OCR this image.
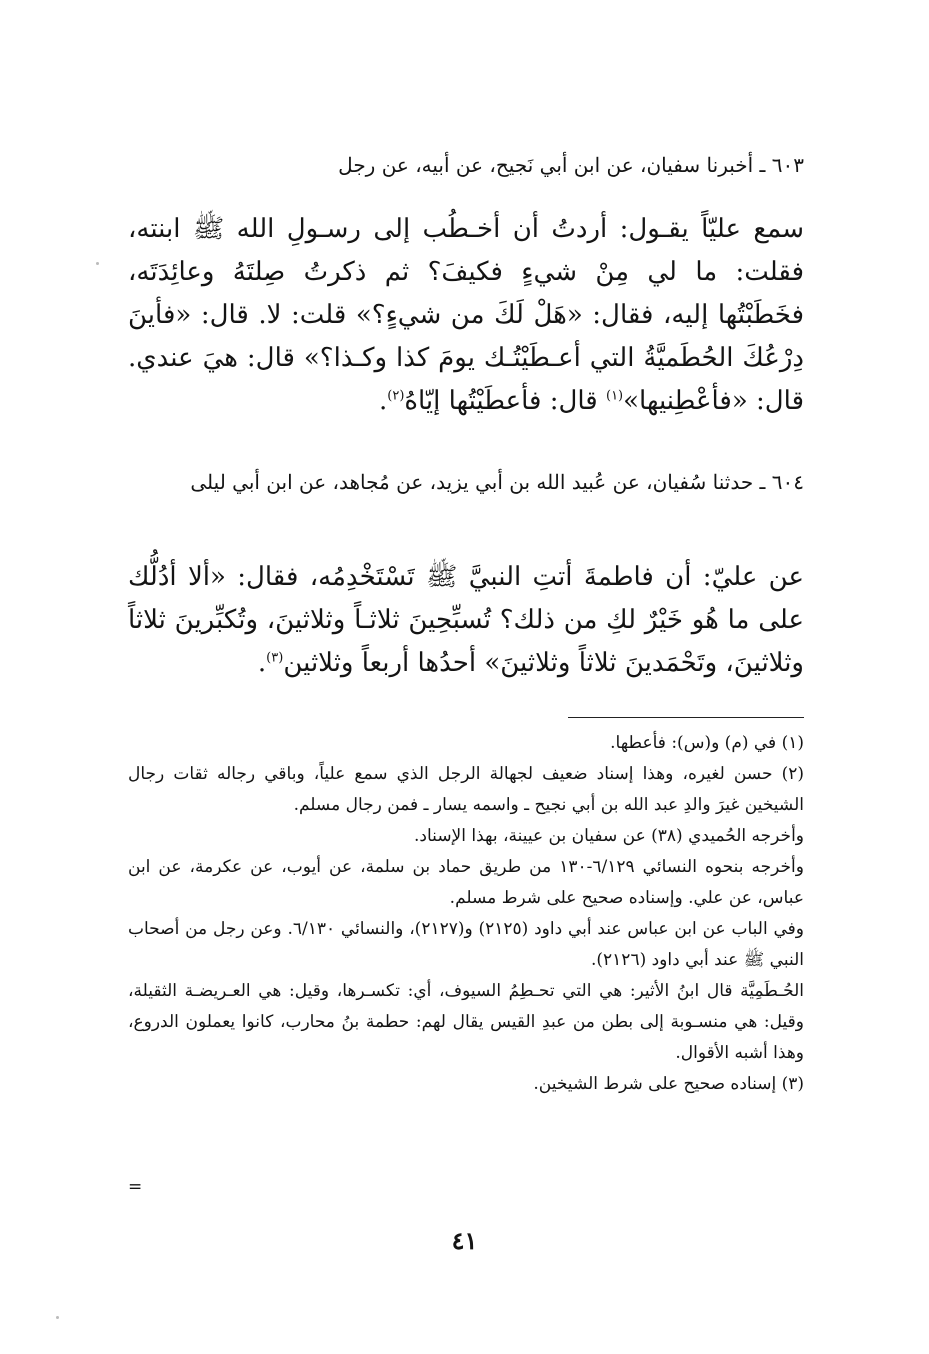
٦٠٣ ـ أخبرنا سفيان، عن ابن أبي نَجيح، عن أبيه، عن رجل
سمع عليّاً يقـول: أردتُ أن أخـطُب إلى رسـولِ الله ﷺ ابنته، فقلت: ما لي مِنْ شيءٍ فكيفَ؟ ثم ذكرتُ صِلتَهُ وعائِدَتَه، فخَطَبْتُها إليه، فقال: «هَلْ لَكَ من شيءٍ؟» قلت: لا. قال: «فأينَ دِرْعُكَ الحُطَميَّةُ التي أعـطَيْتُـك يومَ كذا وكـذا؟» قال: هيَ عندي. قال: «فأعْطِنيها»$^{(١)}$ قال: فأعطَيْتُها إيّاهُ$^{(٢)}$.
٦٠٤ ـ حدثنا سُفيان، عن عُبيد الله بن أبي يزيد، عن مُجاهد، عن ابن أبي ليلى
عن عليّ: أن فاطمةَ أتتِ النبيَّ ﷺ تَسْتَخْدِمُه، فقال: «ألا أدُلُّك على ما هُو خَيْرٌ لكِ من ذلك؟ تُسبِّحِينَ ثلاثـاً وثلاثينَ، وتُكبِّرينَ ثلاثاً وثلاثينَ، وتَحْمَدينَ ثلاثاً وثلاثينَ» أحدُها أربعاً وثلاثين$^{(٣)}$.

(١) في (م) و(س): فأعطها.

(٢) حسن لغيره، وهذا إسناد ضعيف لجهالة الرجل الذي سمع علياً، وباقي رجاله ثقات رجال الشيخين غيرَ والدِ عبد الله بن أبي نجيح ـ واسمه يسار ـ فمن رجال مسلم.

وأخرجه الحُميدي (٣٨) عن سفيان بن عيينة، بهذا الإسناد.

وأخرجه بنحوه النسائي ٦/١٢٩-١٣٠ من طريق حماد بن سلمة، عن أيوب، عن عكرمة، عن ابن عباس، عن علي. وإسناده صحيح على شرط مسلم.

وفي الباب عن ابن عباس عند أبي داود (٢١٢٥) و(٢١٢٧)، والنسائي ٦/١٣٠. وعن رجل من أصحاب النبي ﷺ عند أبي داود (٢١٢٦).

الحُـطَمِيَّة قال ابنُ الأثير: هي التي تحـطِمُ السيوف، أي: تكسـرها، وقيل: هي العـريضـة الثقيلة، وقيل: هي منسـوبة إلى بطن من عبدِ القيس يقال لهم: حطمة بنُ محارب، كانوا يعملون الدروع، وهذا أشبه الأقوال.

(٣) إسناده صحيح على شرط الشيخين.

=
٤١
